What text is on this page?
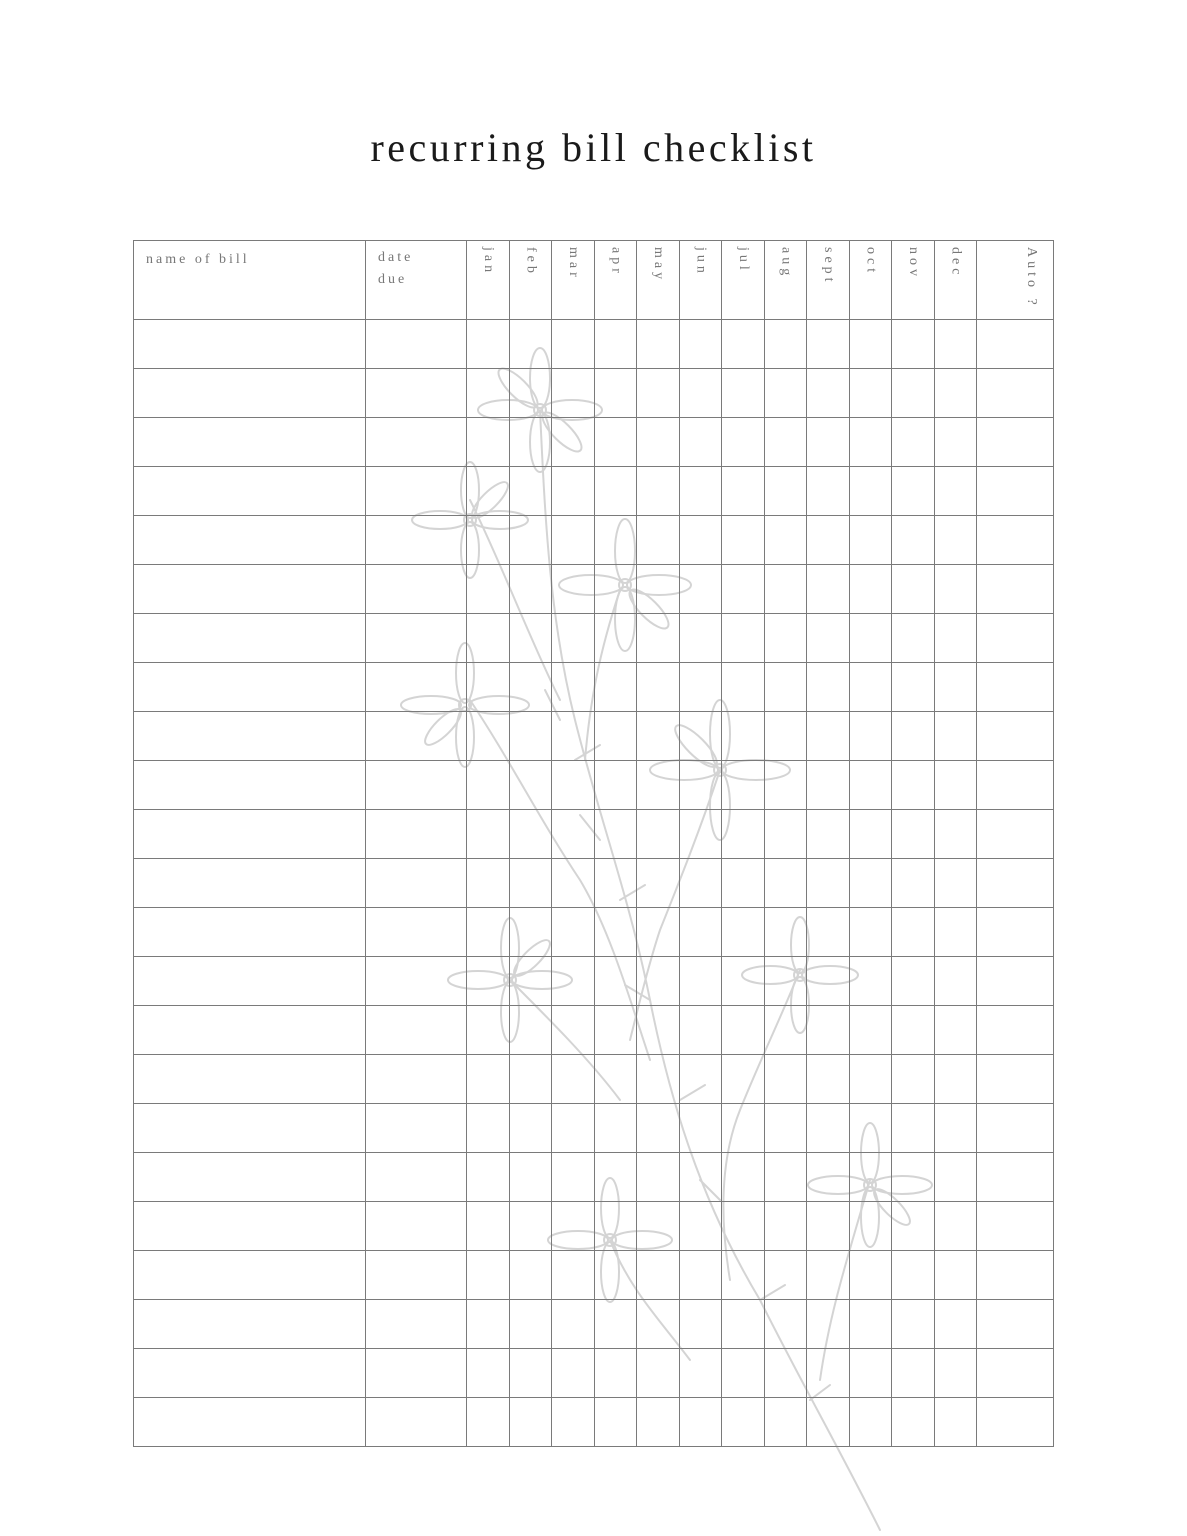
recurring bill checklist
name of bill	date due	jan	feb	mar	apr	may	jun	jul	aug	sept	oct	nov	dec	Auto ?
